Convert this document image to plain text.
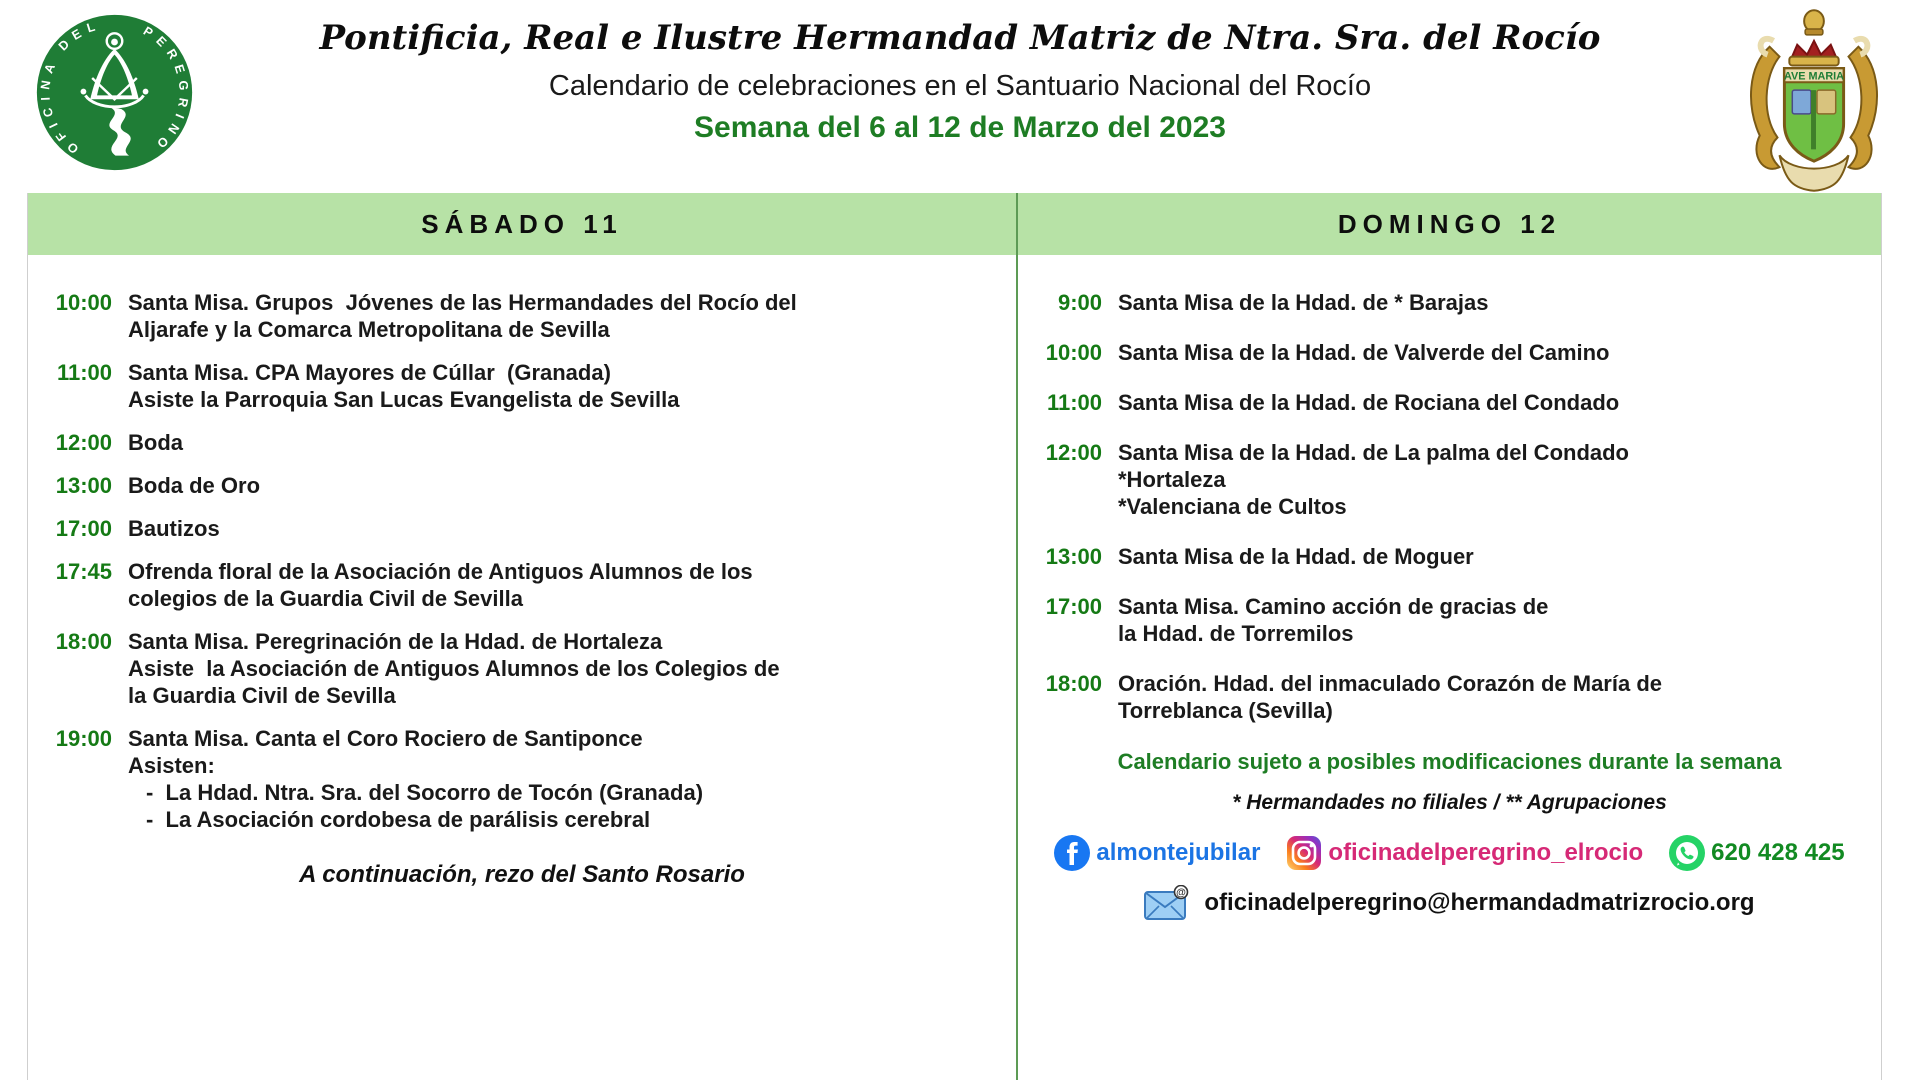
OFICINA DEL	PEREGRINO
Pontificia, Real e Ilustre Hermandad Matriz de Ntra. Sra. del Rocío
Calendario de celebraciones en el Santuario Nacional del Rocío
Semana del 6 al 12 de Marzo del 2023
AVE MARIA
SÁBADO 11
10:00 Santa Misa. Grupos  Jóvenes de las Hermandades del Rocío del
Aljarafe y la Comarca Metropolitana de Sevilla
11:00 Santa Misa. CPA Mayores de Cúllar  (Granada)
Asiste la Parroquia San Lucas Evangelista de Sevilla
12:00 Boda
13:00 Boda de Oro
17:00 Bautizos
17:45 Ofrenda floral de la Asociación de Antiguos Alumnos de los
colegios de la Guardia Civil de Sevilla
18:00 Santa Misa. Peregrinación de la Hdad. de Hortaleza
Asiste  la Asociación de Antiguos Alumnos de los Colegios de
la Guardia Civil de Sevilla
19:00 Santa Misa. Canta el Coro Rociero de Santiponce
Asisten:
-  La Hdad. Ntra. Sra. del Socorro de Tocón (Granada)
-  La Asociación cordobesa de parálisis cerebral
A continuación, rezo del Santo Rosario
DOMINGO 12
9:00 Santa Misa de la Hdad. de * Barajas
10:00 Santa Misa de la Hdad. de Valverde del Camino
11:00 Santa Misa de la Hdad. de Rociana del Condado
12:00 Santa Misa de la Hdad. de La palma del Condado
*Hortaleza
*Valenciana de Cultos
13:00 Santa Misa de la Hdad. de Moguer
17:00 Santa Misa. Camino acción de gracias de
la Hdad. de Torremilos
18:00 Oración. Hdad. del inmaculado Corazón de María de
Torreblanca (Sevilla)
Calendario sujeto a posibles modificaciones durante la semana
* Hermandades no filiales / ** Agrupaciones
almontejubilar	oficinadelperegrino_elrocio	620 428 425
@ oficinadelperegrino@hermandadmatrizrocio.org
